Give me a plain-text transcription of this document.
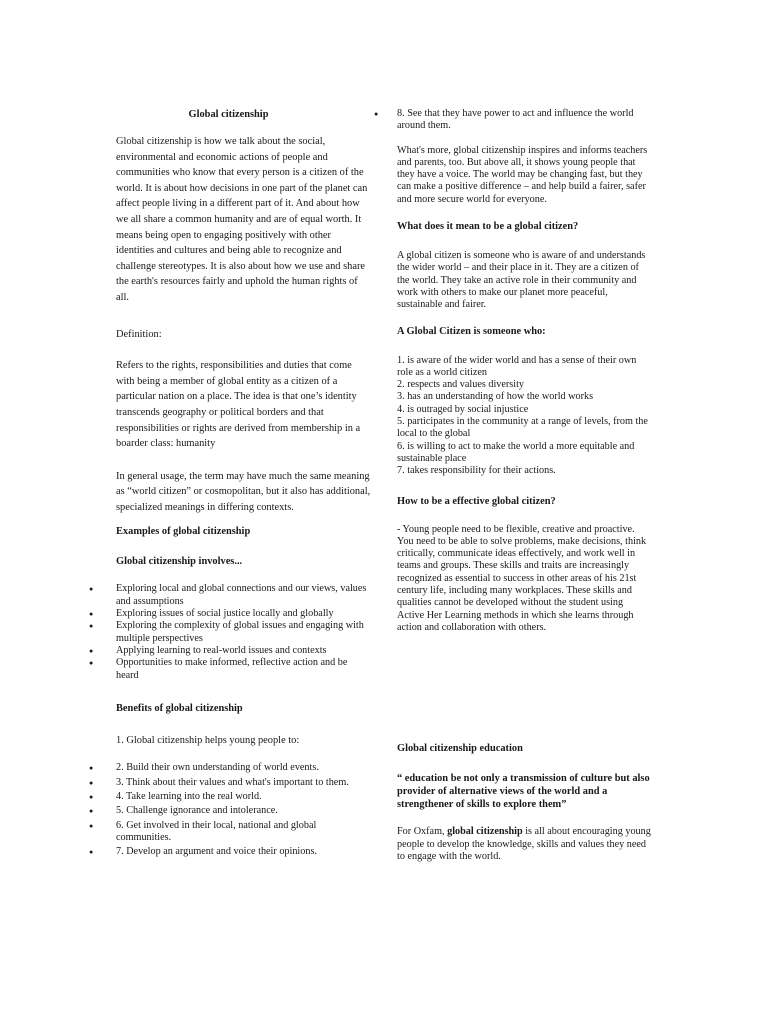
Global citizenship

Global citizenship is how we talk about the social, environmental and economic actions of people and communities who know that every person is a citizen of the world. It is about how decisions in one part of the planet can affect people living in a different part of it. And about how we all share a common humanity and are of equal worth. It means being open to engaging positively with other identities and cultures and being able to recognize and challenge stereotypes. It is also about how we use and share the earth's resources fairly and uphold the human rights of all.

Definition:

Refers to the rights, responsibilities and duties that come with being a member of global entity as a citizen of a particular nation on a place. The idea is that one’s identity transcends geography or political borders and that responsibilities or rights are derived from membership in a boarder class: humanity

In general usage, the term may have much the same meaning as “world citizen” or cosmopolitan, but it also has additional, specialized meanings in differing contexts.

Examples of global citizenship

Global citizenship involves...

● Exploring local and global connections and our views, values and assumptions
● Exploring issues of social justice locally and globally
● Exploring the complexity of global issues and engaging with multiple perspectives
● Applying learning to real-world issues and contexts
● Opportunities to make informed, reflective action and be heard

Benefits of global citizenship

1. Global citizenship helps young people to:

● 2. Build their own understanding of world events.
● 3. Think about their values and what's important to them.
● 4. Take learning into the real world.
● 5. Challenge ignorance and intolerance.
● 6. Get involved in their local, national and global communities.
● 7. Develop an argument and voice their opinions.
● 8. See that they have power to act and influence the world around them.

What's more, global citizenship inspires and informs teachers and parents, too. But above all, it shows young people that they have a voice. The world may be changing fast, but they can make a positive difference – and help build a fairer, safer and more secure world for everyone.

What does it mean to be a global citizen?

A global citizen is someone who is aware of and understands the wider world – and their place in it. They are a citizen of the world. They take an active role in their community and work with others to make our planet more peaceful, sustainable and fairer.

A Global Citizen is someone who:

1. is aware of the wider world and has a sense of their own role as a world citizen
2. respects and values diversity
3. has an understanding of how the world works
4. is outraged by social injustice
5. participates in the community at a range of levels, from the local to the global
6. is willing to act to make the world a more equitable and sustainable place
7. takes responsibility for their actions.

How to be a effective global citizen?

- Young people need to be flexible, creative and proactive. You need to be able to solve problems, make decisions, think critically, communicate ideas effectively, and work well in teams and groups. These skills and traits are increasingly recognized as essential to success in other areas of his 21st century life, including many workplaces. These skills and qualities cannot be developed without the student using Active Her Learning methods in which she learns through action and collaboration with others.

Global citizenship education

“ education be not only a transmission of culture but also provider of alternative views of the world and a strengthener of skills to explore them”

For Oxfam, global citizenship is all about encouraging young people to develop the knowledge, skills and values they need to engage with the world.
